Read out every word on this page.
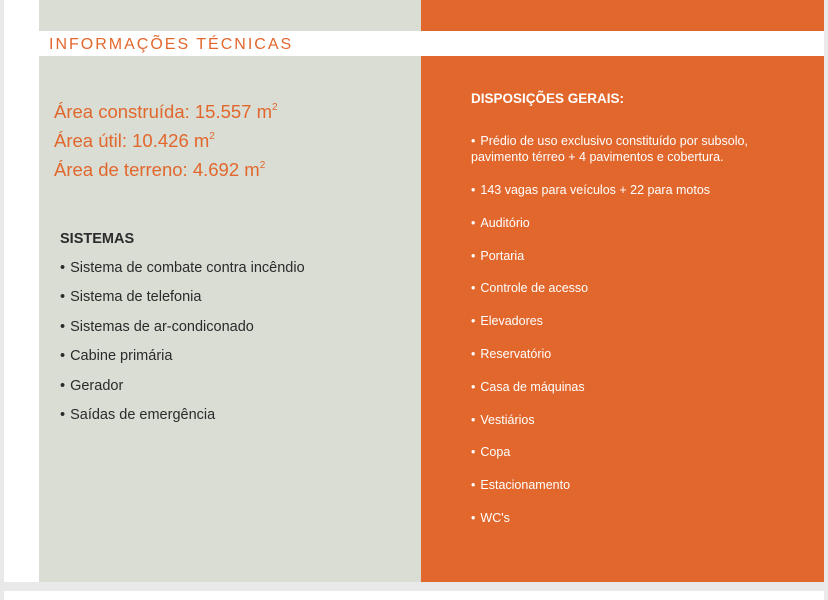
INFORMAÇÕES TÉCNICAS
Área construída: 15.557 $m^2$
Área útil: 10.426 $m^2$
Área de terreno: 4.692 $m^2$
SISTEMAS
• Sistema de combate contra incêndio
• Sistema de telefonia
• Sistemas de ar-condiconado
• Cabine primária
• Gerador
• Saídas de emergência
DISPOSIÇÕES GERAIS:
• Prédio de uso exclusivo constituído por subsolo,
pavimento térreo + 4 pavimentos e cobertura.
• 143 vagas para veículos + 22 para motos
• Auditório
• Portaria
• Controle de acesso
• Elevadores
• Reservatório
• Casa de máquinas
• Vestiários
• Copa
• Estacionamento
• WC's
